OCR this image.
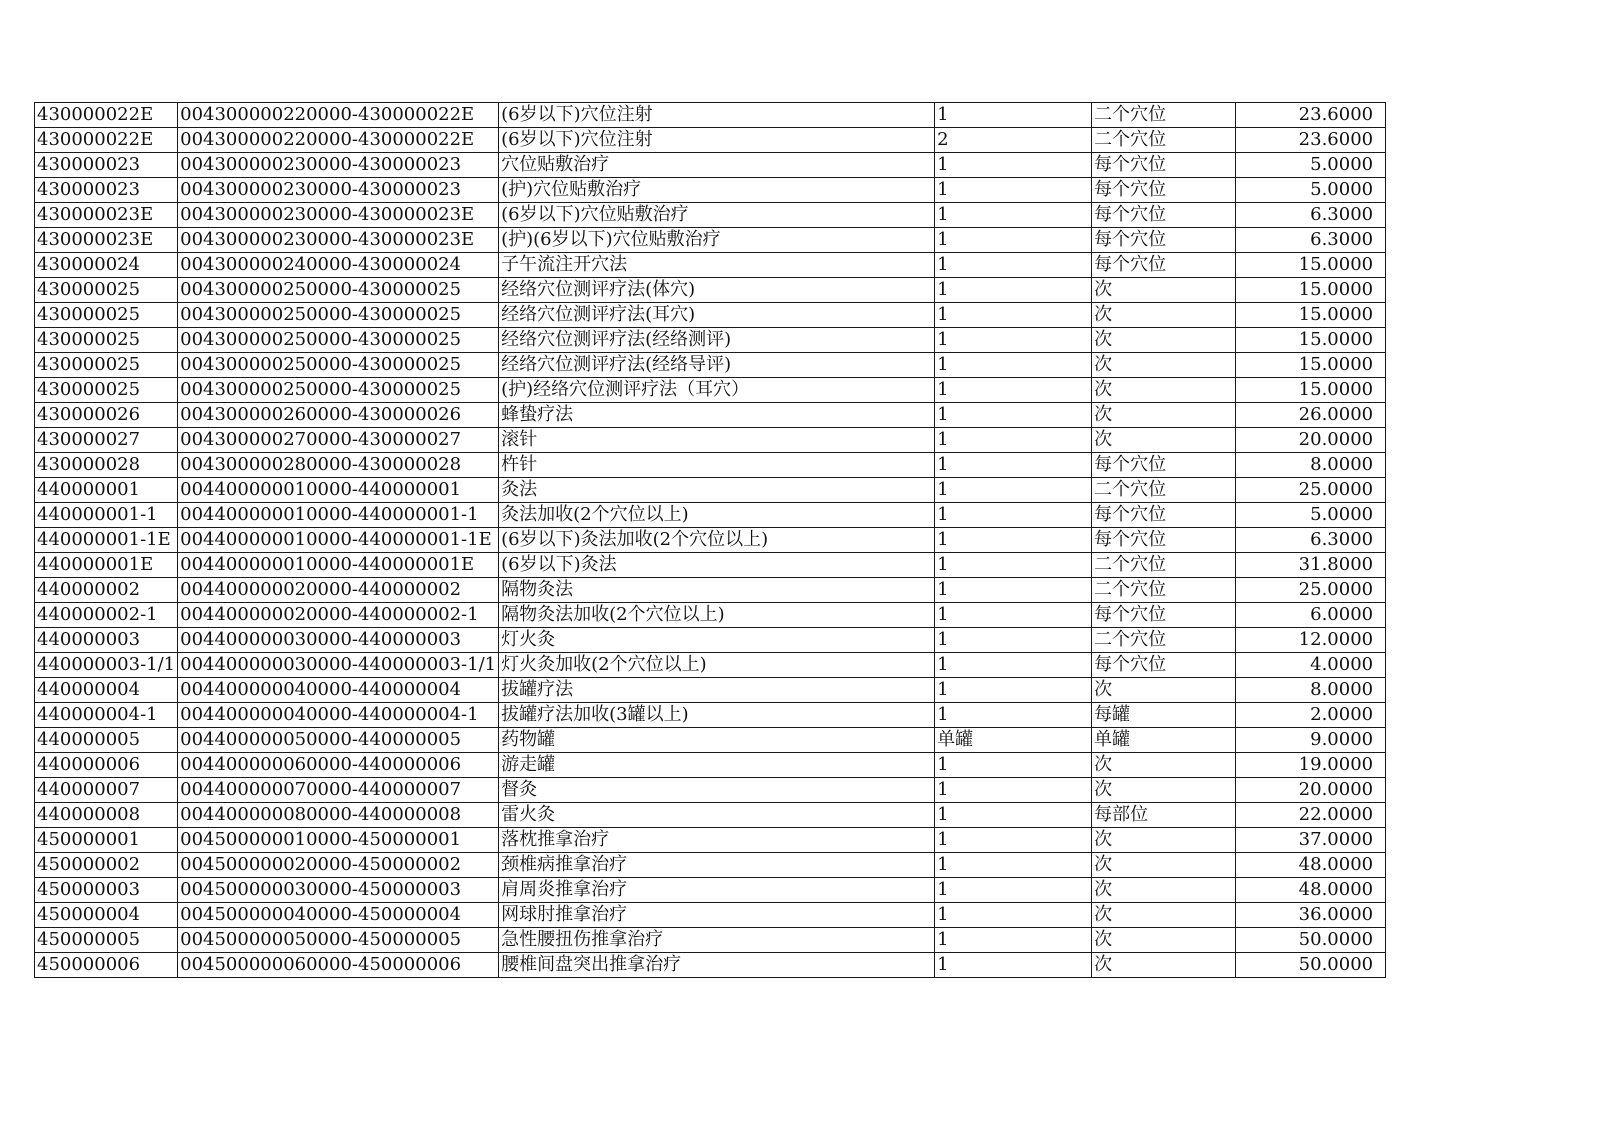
430000022E	004300000220000-430000022E	(6岁以下)穴位注射	1	二个穴位	23.6000
430000022E	004300000220000-430000022E	(6岁以下)穴位注射	2	二个穴位	23.6000
430000023	004300000230000-430000023	穴位贴敷治疗	1	每个穴位	5.0000
430000023	004300000230000-430000023	(护)穴位贴敷治疗	1	每个穴位	5.0000
430000023E	004300000230000-430000023E	(6岁以下)穴位贴敷治疗	1	每个穴位	6.3000
430000023E	004300000230000-430000023E	(护)(6岁以下)穴位贴敷治疗	1	每个穴位	6.3000
430000024	004300000240000-430000024	子午流注开穴法	1	每个穴位	15.0000
430000025	004300000250000-430000025	经络穴位测评疗法(体穴)	1	次	15.0000
430000025	004300000250000-430000025	经络穴位测评疗法(耳穴)	1	次	15.0000
430000025	004300000250000-430000025	经络穴位测评疗法(经络测评)	1	次	15.0000
430000025	004300000250000-430000025	经络穴位测评疗法(经络导评)	1	次	15.0000
430000025	004300000250000-430000025	(护)经络穴位测评疗法（耳穴）	1	次	15.0000
430000026	004300000260000-430000026	蜂蛰疗法	1	次	26.0000
430000027	004300000270000-430000027	滚针	1	次	20.0000
430000028	004300000280000-430000028	杵针	1	每个穴位	8.0000
440000001	004400000010000-440000001	灸法	1	二个穴位	25.0000
440000001-1	004400000010000-440000001-1	灸法加收(2个穴位以上)	1	每个穴位	5.0000
440000001-1E	004400000010000-440000001-1E	(6岁以下)灸法加收(2个穴位以上)	1	每个穴位	6.3000
440000001E	004400000010000-440000001E	(6岁以下)灸法	1	二个穴位	31.8000
440000002	004400000020000-440000002	隔物灸法	1	二个穴位	25.0000
440000002-1	004400000020000-440000002-1	隔物灸法加收(2个穴位以上)	1	每个穴位	6.0000
440000003	004400000030000-440000003	灯火灸	1	二个穴位	12.0000
440000003-1/1	004400000030000-440000003-1/1	灯火灸加收(2个穴位以上)	1	每个穴位	4.0000
440000004	004400000040000-440000004	拔罐疗法	1	次	8.0000
440000004-1	004400000040000-440000004-1	拔罐疗法加收(3罐以上)	1	每罐	2.0000
440000005	004400000050000-440000005	药物罐	单罐	单罐	9.0000
440000006	004400000060000-440000006	游走罐	1	次	19.0000
440000007	004400000070000-440000007	督灸	1	次	20.0000
440000008	004400000080000-440000008	雷火灸	1	每部位	22.0000
450000001	004500000010000-450000001	落枕推拿治疗	1	次	37.0000
450000002	004500000020000-450000002	颈椎病推拿治疗	1	次	48.0000
450000003	004500000030000-450000003	肩周炎推拿治疗	1	次	48.0000
450000004	004500000040000-450000004	网球肘推拿治疗	1	次	36.0000
450000005	004500000050000-450000005	急性腰扭伤推拿治疗	1	次	50.0000
450000006	004500000060000-450000006	腰椎间盘突出推拿治疗	1	次	50.0000
